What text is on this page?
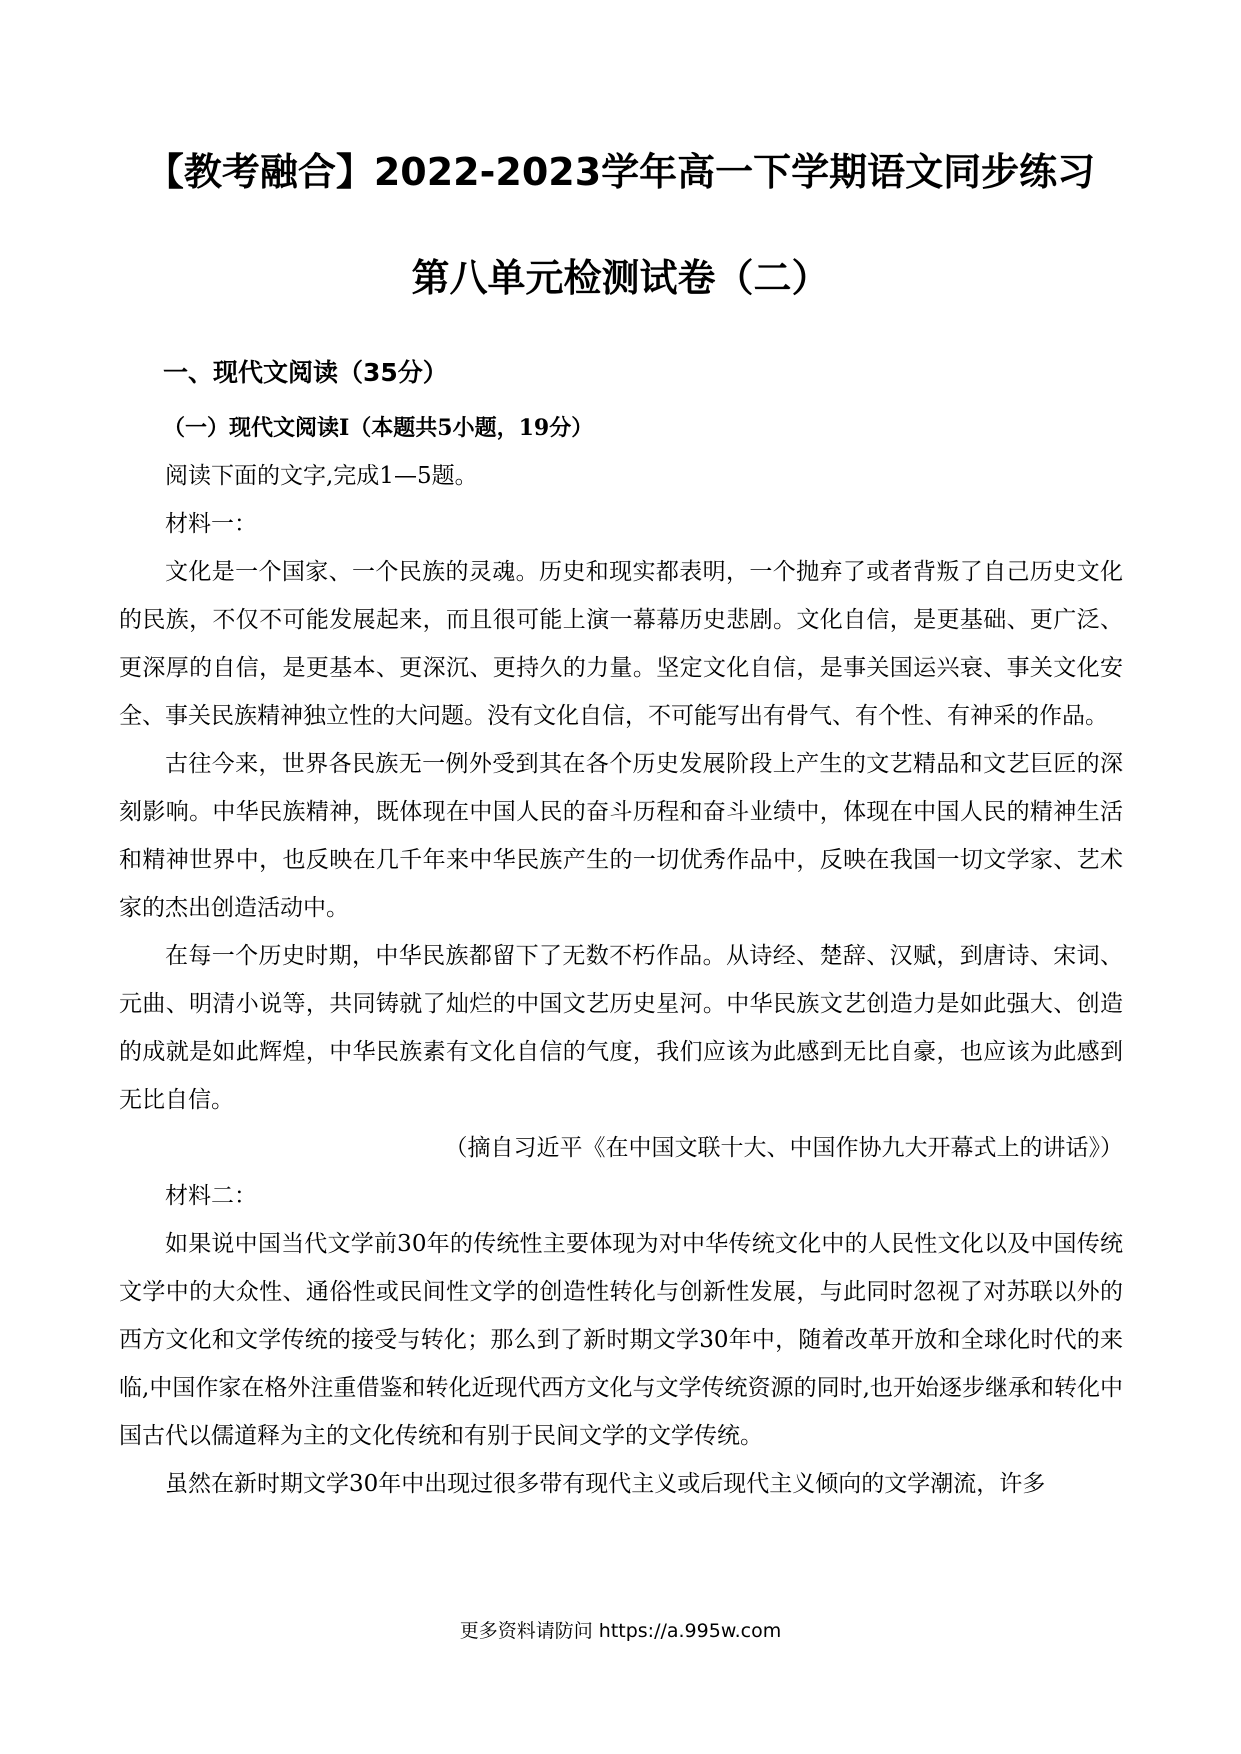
【教考融合】2022-2023学年高一下学期语文同步练习
第八单元检测试卷（二）
一、现代文阅读（35分）
（一）现代文阅读Ⅰ（本题共5小题，19分）

阅读下面的文字,完成1—5题。

材料一：

文化是一个国家、一个民族的灵魂。历史和现实都表明，一个抛弃了或者背叛了自己历史文化的民族，不仅不可能发展起来，而且很可能上演一幕幕历史悲剧。文化自信，是更基础、更广泛、更深厚的自信，是更基本、更深沉、更持久的力量。坚定文化自信，是事关国运兴衰、事关文化安全、事关民族精神独立性的大问题。没有文化自信，不可能写出有骨气、有个性、有神采的作品。

古往今来，世界各民族无一例外受到其在各个历史发展阶段上产生的文艺精品和文艺巨匠的深刻影响。中华民族精神，既体现在中国人民的奋斗历程和奋斗业绩中，体现在中国人民的精神生活和精神世界中，也反映在几千年来中华民族产生的一切优秀作品中，反映在我国一切文学家、艺术家的杰出创造活动中。

在每一个历史时期，中华民族都留下了无数不朽作品。从诗经、楚辞、汉赋，到唐诗、宋词、元曲、明清小说等，共同铸就了灿烂的中国文艺历史星河。中华民族文艺创造力是如此强大、创造的成就是如此辉煌，中华民族素有文化自信的气度，我们应该为此感到无比自豪，也应该为此感到无比自信。

（摘自习近平《在中国文联十大、中国作协九大开幕式上的讲话》）

材料二：

如果说中国当代文学前30年的传统性主要体现为对中华传统文化中的人民性文化以及中国传统文学中的大众性、通俗性或民间性文学的创造性转化与创新性发展，与此同时忽视了对苏联以外的西方文化和文学传统的接受与转化；那么到了新时期文学30年中，随着改革开放和全球化时代的来临,中国作家在格外注重借鉴和转化近现代西方文化与文学传统资源的同时,也开始逐步继承和转化中国古代以儒道释为主的文化传统和有别于民间文学的文学传统。

虽然在新时期文学30年中出现过很多带有现代主义或后现代主义倾向的文学潮流，许多

更多资料请防问 https://a.995w.com
